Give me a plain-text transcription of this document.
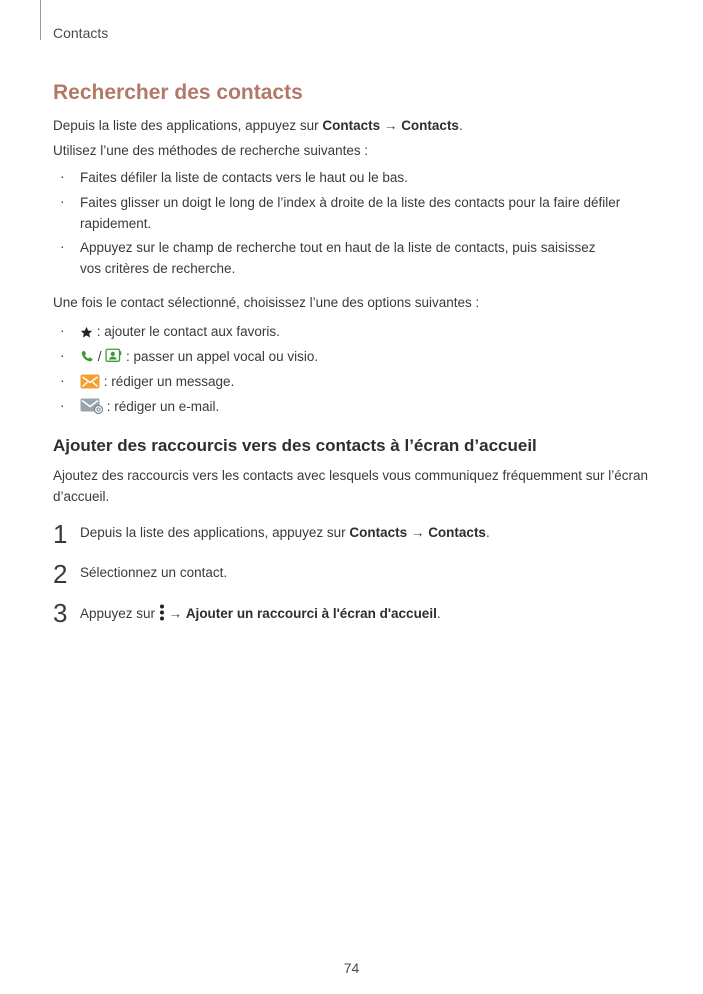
Contacts
Rechercher des contacts
Depuis la liste des applications, appuyez sur Contacts → Contacts.
Utilisez l’une des méthodes de recherche suivantes :
· Faites défiler la liste de contacts vers le haut ou le bas.
· Faites glisser un doigt le long de l’index à droite de la liste des contacts pour la faire défiler rapidement.
· Appuyez sur le champ de recherche tout en haut de la liste de contacts, puis saisissez vos critères de recherche.
Une fois le contact sélectionné, choisissez l’une des options suivantes :
·	: ajouter le contact aux favoris.
·	/  : passer un appel vocal ou visio.
·	: rédiger un message.
·	: rédiger un e-mail.
Ajouter des raccourcis vers des contacts à l’écran d’accueil
Ajoutez des raccourcis vers les contacts avec lesquels vous communiquez fréquemment sur l’écran
d’accueil.
1 Depuis la liste des applications, appuyez sur Contacts → Contacts.
2 Sélectionnez un contact.
3 Appuyez sur  → Ajouter un raccourci à l'écran d'accueil.
74
